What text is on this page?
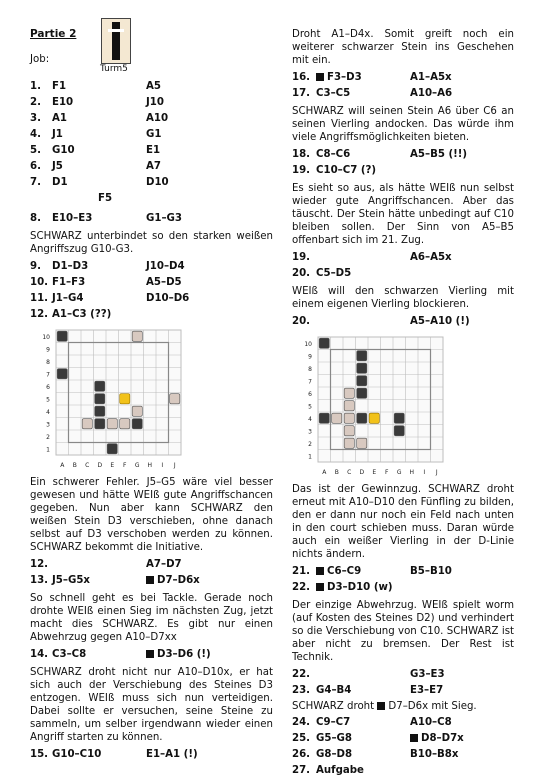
Turm5
Partie 2
Job:
1. F1	A5
2. E10	J10
3. A1	A10
4. J1	G1
5. G10	E1
6. J5	A7
7. D1	D10
F5
8. E10–E3	G1–G3
SCHWARZ unterbindet so den starken weißen Angriffszug G10-G3.
9. D1–D3	J10–D4
10. F1–F3	A5–D5
11. J1–G4	D10–D6
12. A1–C3 (??)
10
9
8
7
6
5
4
3
2
1
A B C D E F G H I J
Ein schwerer Fehler. J5–G5 wäre viel besser gewesen und hätte WEIß gute Angriffschancen gegeben. Nun aber kann SCHWARZ den weißen Stein D3 verschieben, ohne danach selbst auf D3 verschoben werden zu können. SCHWARZ bekommt die Initiative.
12.	A7–D7
13. J5–G5x	D7–D6x
So schnell geht es bei Tackle. Gerade noch drohte WEIß einen Sieg im nächsten Zug, jetzt macht dies SCHWARZ. Es gibt nur einen Abwehrzug gegen A10–D7xx
14. C3–C8	D3–D6 (!)
SCHWARZ droht nicht nur A10–D10x, er hat sich auch der Verschiebung des Steines D3 entzogen. WEIß muss sich nun verteidigen. Dabei sollte er versuchen, seine Steine zu sammeln, um selber irgendwann wieder einen Angriff starten zu können.
15. G10–C10	E1–A1 (!)
Droht A1–D4x. Somit greift noch ein weiterer schwarzer Stein ins Geschehen mit ein.
16.	F3–D3	A1–A5x
17. C3–C5	A10–A6
SCHWARZ will seinen Stein A6 über C6 an seinen Vierling andocken. Das würde ihm viele Angriffsmöglichkeiten bieten.
18. C8–C6	A5–B5 (!!)
19. C10–C7 (?)
Es sieht so aus, als hätte WEIß nun selbst wieder gute Angriffschancen. Aber das täuscht. Der Stein hätte unbedingt auf C10 bleiben sollen. Der Sinn von A5–B5 offenbart sich im 21. Zug.
19.	A6–A5x
20. C5–D5
WEIß will den schwarzen Vierling mit einem eigenen Vierling blockieren.
20.	A5–A10 (!)
10
9
8
7
6
5
4
3
2
1
A B C D E F G H I J
Das ist der Gewinnzug. SCHWARZ droht erneut mit A10–D10 den Fünfling zu bilden, den er dann nur noch ein Feld nach unten in den court schieben muss. Daran würde auch ein weißer Vierling in der D-Linie nichts ändern.
21.	C6–C9	B5–B10
22.	D3–D10 (w)
Der einzige Abwehrzug. WEIß spielt worm (auf Kosten des Steines D2) und verhindert so die Verschiebung von C10. SCHWARZ ist aber nicht zu bremsen. Der Rest ist Technik.
22.	G3–E3
23. G4–B4	E3–E7
SCHWARZ droht D7–D6x mit Sieg.
24. C9–C7	A10–C8
25. G5–G8	D8–D7x
26. G8–D8	B10–B8x
27. Aufgabe
